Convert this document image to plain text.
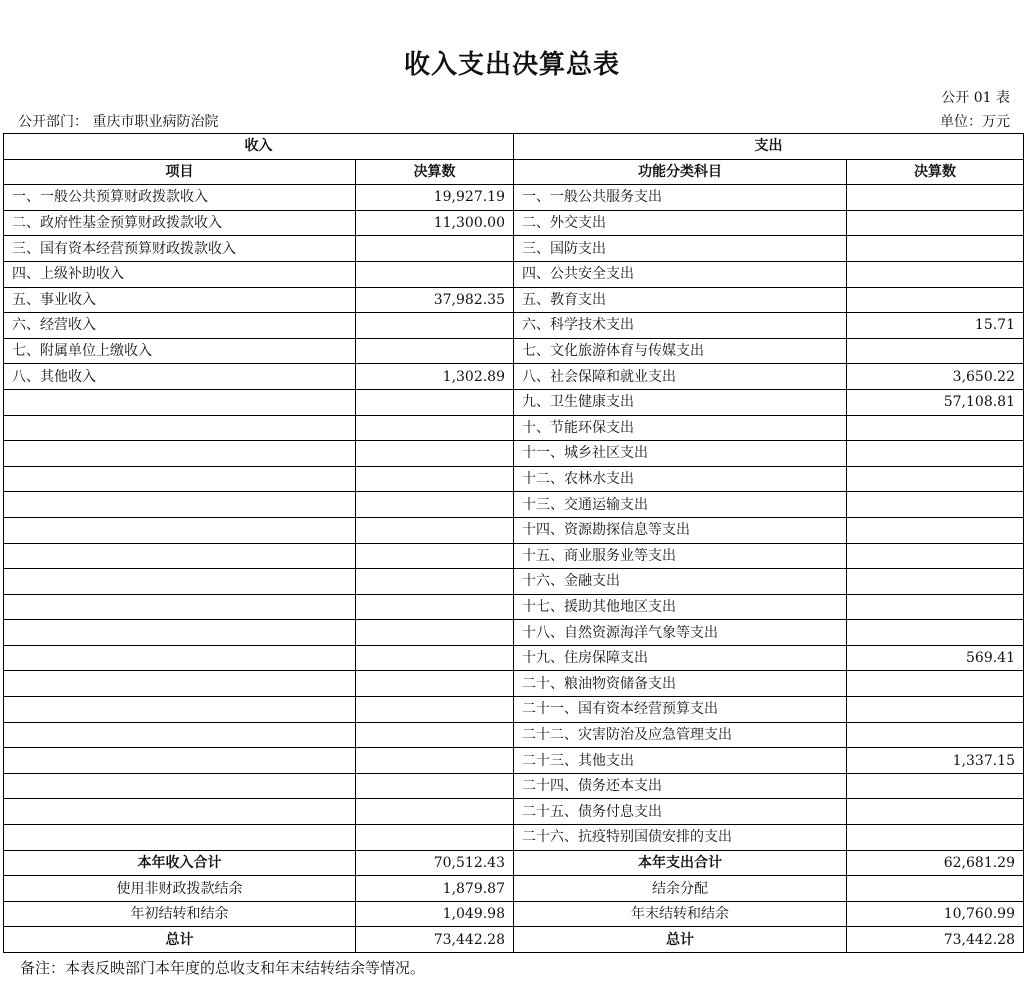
收入支出决算总表
公开 01 表
公开部门： 重庆市职业病防治院	单位：万元
收入		支出	
项目	决算数	功能分类科目	决算数
一、一般公共预算财政拨款收入	19,927.19	一、一般公共服务支出	
二、政府性基金预算财政拨款收入	11,300.00	二、外交支出	
三、国有资本经营预算财政拨款收入		三、国防支出	
四、上级补助收入		四、公共安全支出	
五、事业收入	37,982.35	五、教育支出	
六、经营收入		六、科学技术支出	15.71
七、附属单位上缴收入		七、文化旅游体育与传媒支出	
八、其他收入	1,302.89	八、社会保障和就业支出	3,650.22
		九、卫生健康支出	57,108.81
		十、节能环保支出	
		十一、城乡社区支出	
		十二、农林水支出	
		十三、交通运输支出	
		十四、资源勘探信息等支出	
		十五、商业服务业等支出	
		十六、金融支出	
		十七、援助其他地区支出	
		十八、自然资源海洋气象等支出	
		十九、住房保障支出	569.41
		二十、粮油物资储备支出	
		二十一、国有资本经营预算支出	
		二十二、灾害防治及应急管理支出	
		二十三、其他支出	1,337.15
		二十四、债务还本支出	
		二十五、债务付息支出	
		二十六、抗疫特别国债安排的支出	
本年收入合计	70,512.43	本年支出合计	62,681.29
使用非财政拨款结余	1,879.87	结余分配	
年初结转和结余	1,049.98	年末结转和结余	10,760.99
总计	73,442.28	总计	73,442.28
备注：本表反映部门本年度的总收支和年末结转结余等情况。
